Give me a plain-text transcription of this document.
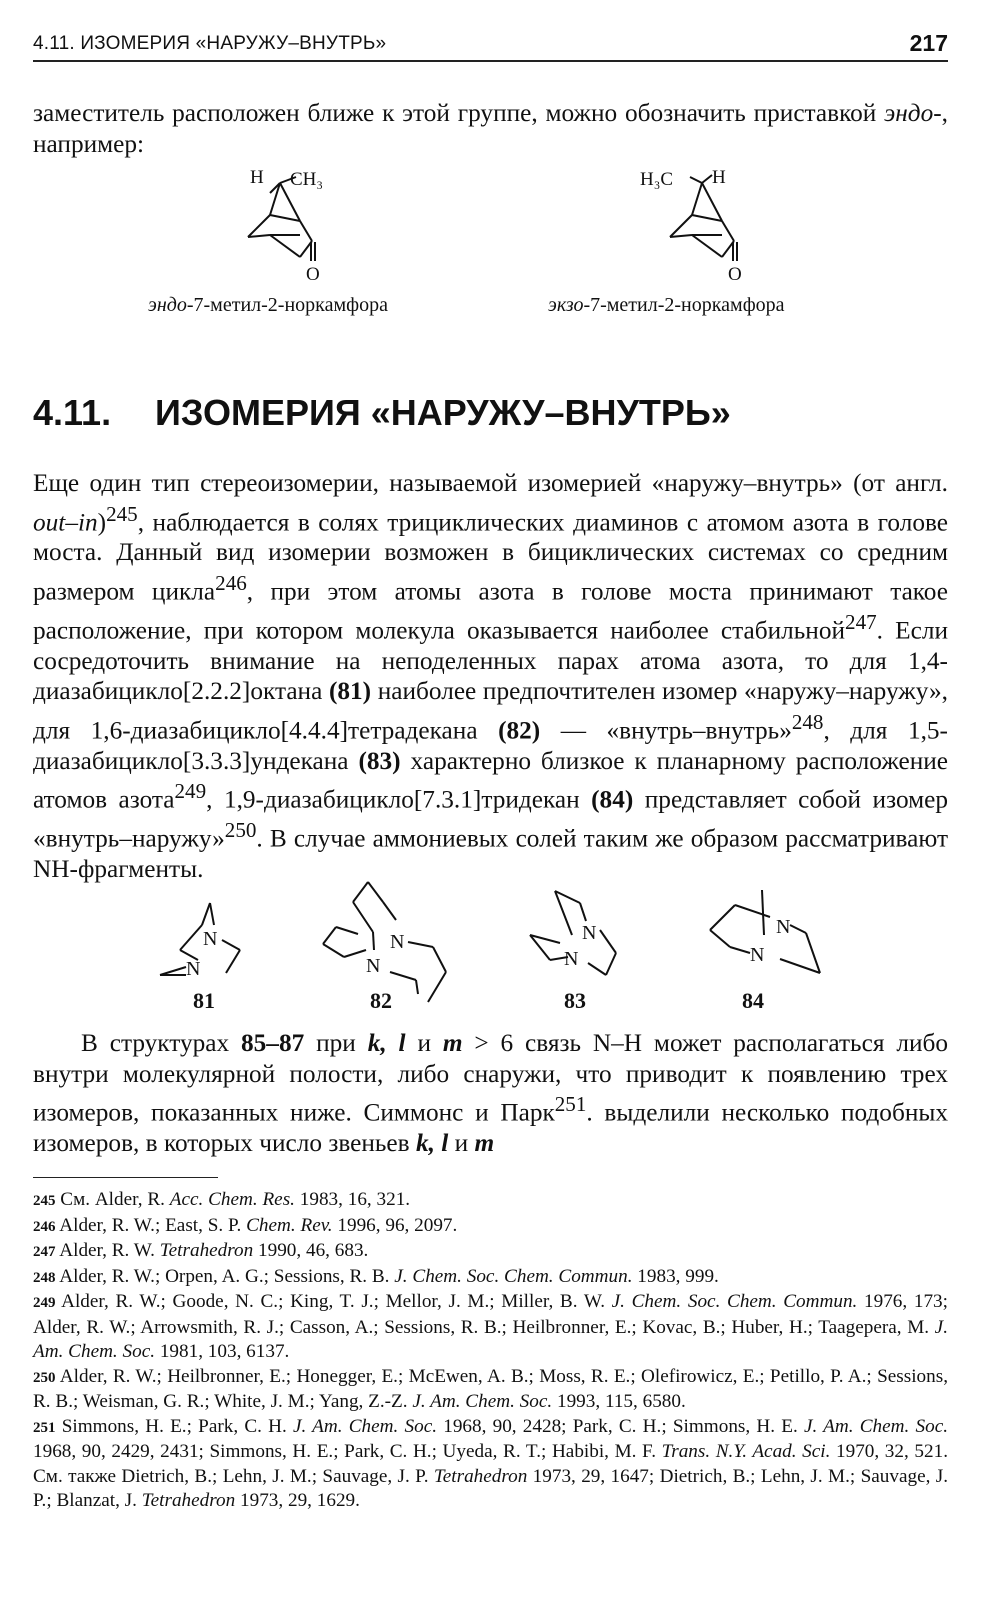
4.11. ИЗОМЕРИЯ «НАРУЖУ–ВНУТРЬ»	217

заместитель расположен ближе к этой группе, можно обозначить приставкой эндо-, например:

H CH₃
O
эндо-7-метил-2-норкамфора
H₃C H
O
экзо-7-метил-2-норкамфора
4.11. ИЗОМЕРИЯ «НАРУЖУ–ВНУТРЬ»

Еще один тип стереоизомерии, называемой изомерией «наружу–внутрь» (от англ. out–in)$^{245}$, наблюдается в солях трициклических диаминов с атомом азота в голове моста. Данный вид изомерии возможен в бициклических системах со средним размером цикла$^{246}$, при этом атомы азота в голове моста принимают такое расположение, при котором молекула оказывается наиболее стабильной$^{247}$. Если сосредоточить внимание на неподеленных парах атома азота, то для 1,4-диазабицикло[2.2.2]октана (81) наиболее предпочтителен изомер «наружу–наружу», для 1,6-диазабицикло[4.4.4]тетрадекана (82) — «внутрь–внутрь»$^{248}$, для 1,5-диазабицикло[3.3.3]ундекана (83) характерно близкое к планарному расположение атомов азота$^{249}$, 1,9-диазабицикло[7.3.1]тридекан (84) представляет собой изомер «внутрь–наружу»$^{250}$. В случае аммониевых солей таким же образом рассматривают NH-фрагменты.

N
N
81
N
N
82
N
N
83
N
N
84

В структурах 85–87 при k, l и m > 6 связь N–H может располагаться либо внутри молекулярной полости, либо снаружи, что приводит к появлению трех изомеров, показанных ниже. Симмонс и Парк$^{251}$. выделили несколько подобных изомеров, в которых число звеньев k, l и m

245 См. Alder, R. Acc. Chem. Res. 1983, 16, 321.

246 Alder, R. W.; East, S. P. Chem. Rev. 1996, 96, 2097.

247 Alder, R. W. Tetrahedron 1990, 46, 683.

248 Alder, R. W.; Orpen, A. G.; Sessions, R. B. J. Chem. Soc. Chem. Commun. 1983, 999.

249 Alder, R. W.; Goode, N. C.; King, T. J.; Mellor, J. M.; Miller, B. W. J. Chem. Soc. Chem. Commun. 1976, 173; Alder, R. W.; Arrowsmith, R. J.; Casson, A.; Sessions, R. B.; Heilbronner, E.; Kovac, B.; Huber, H.; Taagepera, M. J. Am. Chem. Soc. 1981, 103, 6137.

250 Alder, R. W.; Heilbronner, E.; Honegger, E.; McEwen, A. B.; Moss, R. E.; Olefirowicz, E.; Petillo, P. A.; Sessions, R. B.; Weisman, G. R.; White, J. M.; Yang, Z.-Z. J. Am. Chem. Soc. 1993, 115, 6580.

251 Simmons, H. E.; Park, C. H. J. Am. Chem. Soc. 1968, 90, 2428; Park, C. H.; Simmons, H. E. J. Am. Chem. Soc. 1968, 90, 2429, 2431; Simmons, H. E.; Park, C. H.; Uyeda, R. T.; Habibi, M. F. Trans. N.Y. Acad. Sci. 1970, 32, 521. См. также Dietrich, B.; Lehn, J. M.; Sauvage, J. P. Tetrahedron 1973, 29, 1647; Dietrich, B.; Lehn, J. M.; Sauvage, J. P.; Blanzat, J. Tetrahedron 1973, 29, 1629.
